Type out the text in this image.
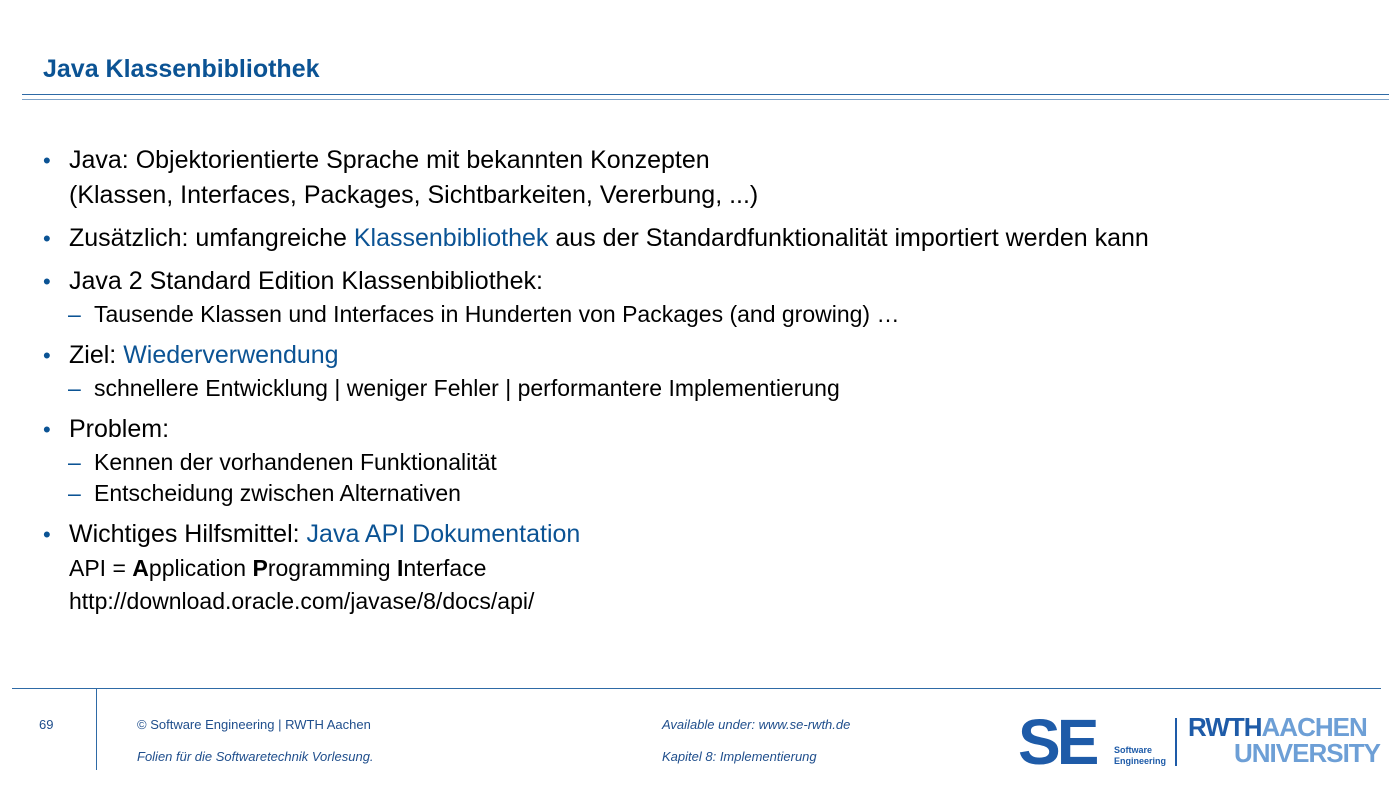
Java Klassenbibliothek
• Java: Objektorientierte Sprache mit bekannten Konzepten
(Klassen, Interfaces, Packages, Sichtbarkeiten, Vererbung, ...)
• Zusätzlich: umfangreiche Klassenbibliothek aus der Standardfunktionalität importiert werden kann
• Java 2 Standard Edition Klassenbibliothek:
– Tausende Klassen und Interfaces in Hunderten von Packages (and growing) …
• Ziel: Wiederverwendung
– schnellere Entwicklung | weniger Fehler | performantere Implementierung
• Problem:
– Kennen der vorhandenen Funktionalität
– Entscheidung zwischen Alternativen
• Wichtiges Hilfsmittel: Java API Dokumentation
API = Application Programming Interface
http://download.oracle.com/javase/8/docs/api/
69	© Software Engineering | RWTH Aachen
Folien für die Softwaretechnik Vorlesung.
Available under: www.se-rwth.de
Kapitel 8: Implementierung	SE Software
Engineering
RWTHAACHEN
UNIVERSITY
